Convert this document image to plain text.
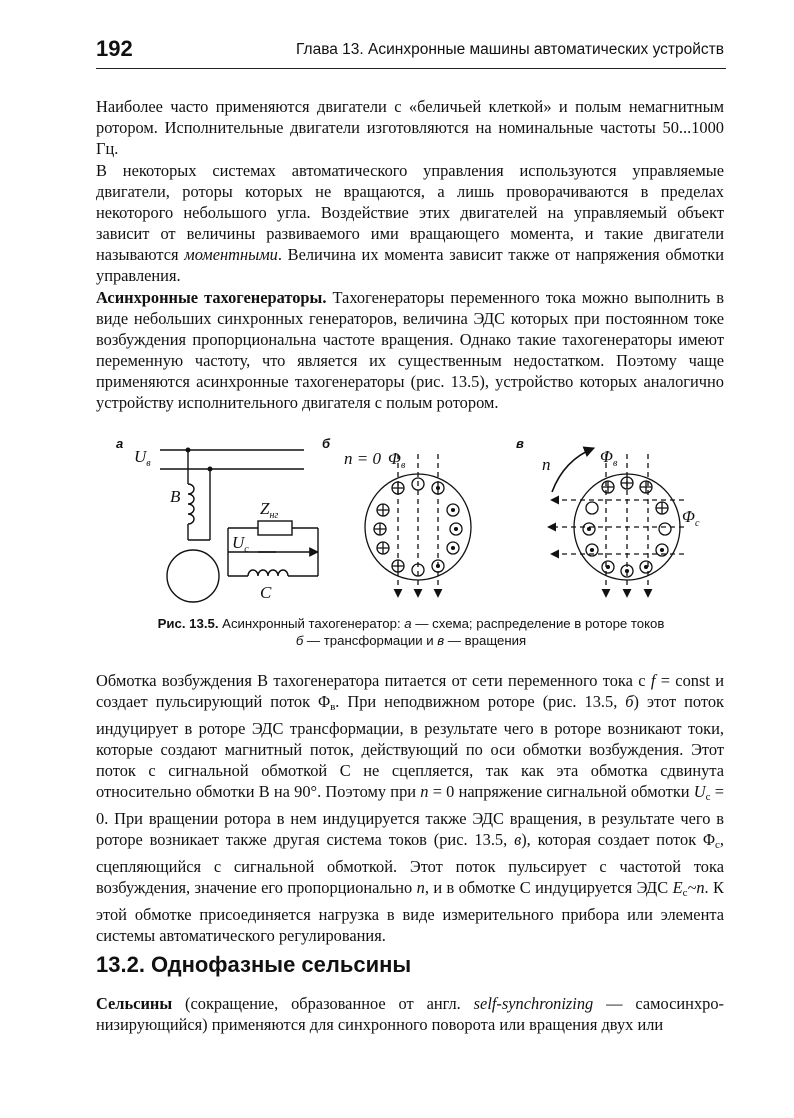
192	Глава 13. Асинхронные машины автоматических устройств

Наиболее часто применяются двигатели с «беличьей клеткой» и полым немагнитным ротором. Исполнительные двигатели изготовляются на номинальные частоты 50...1000 Гц.

В некоторых системах автоматического управления используются управляемые двигатели, роторы которых не вращаются, а лишь проворачиваются в пределах некоторого небольшого угла. Воздействие этих двигателей на управляемый объект зависит от величины развиваемого ими вращающего момента, и такие двигатели называются моментными. Величина их момента зависит также от напряжения обмотки управления.

Асинхронные тахогенераторы. Тахогенераторы переменного тока можно выполнить в виде небольших синхронных генераторов, величина ЭДС которых при постоянном токе возбуждения пропорциональна частоте вращения. Однако такие тахогенераторы имеют переменную частоту, что является их существенным недостатком. Поэтому чаще применяются асинхронные тахогенераторы (рис. 13.5), устройство которых аналогично устройству исполнительного двигателя с полым ротором.

а
$U_в$
B
$Z_{нг}$
$U_с$
C
б
n = 0 $\Phi_в$
в
n	$\Phi_в$
$\Phi_с$
Рис. 13.5. Асинхронный тахогенератор: а — схема; распределение в роторе токов
б — трансформации и в — вращения

Обмотка возбуждения В тахогенератора питается от сети переменного тока с f = const и создает пульсирующий поток $\Phi_в$. При неподвижном роторе (рис. 13.5, б) этот поток индуцирует в роторе ЭДС трансформации, в результате чего в роторе возникают токи, которые создают магнитный поток, действующий по оси обмотки возбуждения. Этот поток с сигнальной обмоткой С не сцепляется, так как эта обмотка сдвинута относительно обмотки В на 90°. Поэтому при n = 0 напряжение сигнальной обмотки $U_с = 0$. При вращении ротора в нем индуцируется также ЭДС вращения, в результате чего в роторе возникает также другая система токов (рис. 13.5, в), которая создает поток $\Phi_с$, сцепляющийся с сигнальной обмоткой. Этот поток пульсирует с частотой тока возбуждения, значение его пропорционально n, и в обмотке С индуцируется ЭДС $E_с\sim n$. К этой обмотке присоединяется нагрузка в виде измерительного прибора или элемента системы автоматического регулирования.

13.2. Однофазные сельсины

Сельсины (сокращение, образованное от англ. self-synchronizing — самосинхронизирующийся) применяются для синхронного поворота или вращения двух или
